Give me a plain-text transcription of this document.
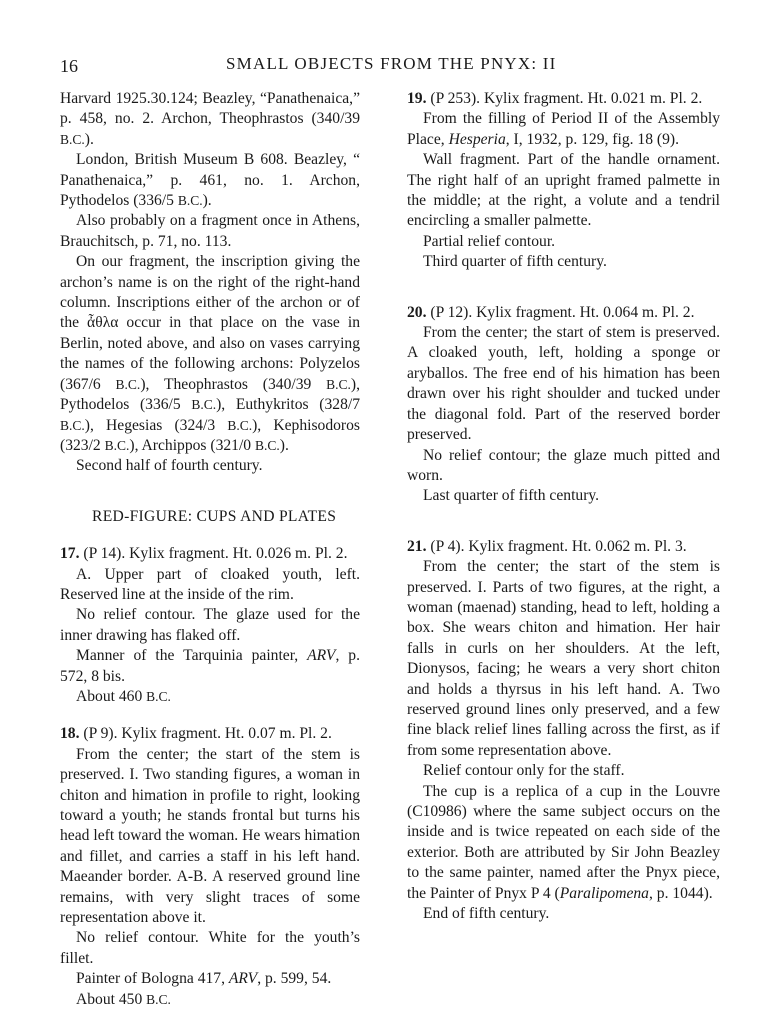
16	SMALL OBJECTS FROM THE PNYX: II

Harvard 1925.30.124; Beazley, “Panathenaica,” p. 458, no. 2. Archon, Theophrastos (340/39 B.C.).

London, British Museum B 608. Beazley, “ Panathenaica,” p. 461, no. 1. Archon, Pythodelos (336/5 B.C.).

Also probably on a fragment once in Athens, Brauchitsch, p. 71, no. 113.

On our fragment, the inscription giving the archon’s name is on the right of the right-hand column. Inscriptions either of the archon or of the ἆθλα occur in that place on the vase in Berlin, noted above, and also on vases carrying the names of the following archons: Polyzelos (367/6 B.C.), Theophrastos (340/39 B.C.), Pythodelos (336/5 B.C.), Euthykritos (328/7 B.C.), Hegesias (324/3 B.C.), Kephisodoros (323/2 B.C.), Archippos (321/0 B.C.).

Second half of fourth century.

RED-FIGURE: CUPS AND PLATES

17. (P 14). Kylix fragment. Ht. 0.026 m. Pl. 2.

A. Upper part of cloaked youth, left. Reserved line at the inside of the rim.

No relief contour. The glaze used for the inner drawing has flaked off.

Manner of the Tarquinia painter, ARV, p. 572, 8 bis.

About 460 B.C.

18. (P 9). Kylix fragment. Ht. 0.07 m. Pl. 2.

From the center; the start of the stem is preserved. I. Two standing figures, a woman in chiton and himation in profile to right, looking toward a youth; he stands frontal but turns his head left toward the woman. He wears himation and fillet, and carries a staff in his left hand. Maeander border. A-B. A reserved ground line remains, with very slight traces of some representation above it.

No relief contour. White for the youth’s fillet.

Painter of Bologna 417, ARV, p. 599, 54.

About 450 B.C.

19. (P 253). Kylix fragment. Ht. 0.021 m. Pl. 2.

From the filling of Period II of the Assembly Place, Hesperia, I, 1932, p. 129, fig. 18 (9).

Wall fragment. Part of the handle ornament. The right half of an upright framed palmette in the middle; at the right, a volute and a tendril encircling a smaller palmette.

Partial relief contour.

Third quarter of fifth century.

20. (P 12). Kylix fragment. Ht. 0.064 m. Pl. 2.

From the center; the start of stem is preserved. A cloaked youth, left, holding a sponge or aryballos. The free end of his himation has been drawn over his right shoulder and tucked under the diagonal fold. Part of the reserved border preserved.

No relief contour; the glaze much pitted and worn.

Last quarter of fifth century.

21. (P 4). Kylix fragment. Ht. 0.062 m. Pl. 3.

From the center; the start of the stem is preserved. I. Parts of two figures, at the right, a woman (maenad) standing, head to left, holding a box. She wears chiton and himation. Her hair falls in curls on her shoulders. At the left, Dionysos, facing; he wears a very short chiton and holds a thyrsus in his left hand. A. Two reserved ground lines only preserved, and a few fine black relief lines falling across the first, as if from some representation above.

Relief contour only for the staff.

The cup is a replica of a cup in the Louvre (C10986) where the same subject occurs on the inside and is twice repeated on each side of the exterior. Both are attributed by Sir John Beazley to the same painter, named after the Pnyx piece, the Painter of Pnyx P 4 (Paralipomena, p. 1044).

End of fifth century.
